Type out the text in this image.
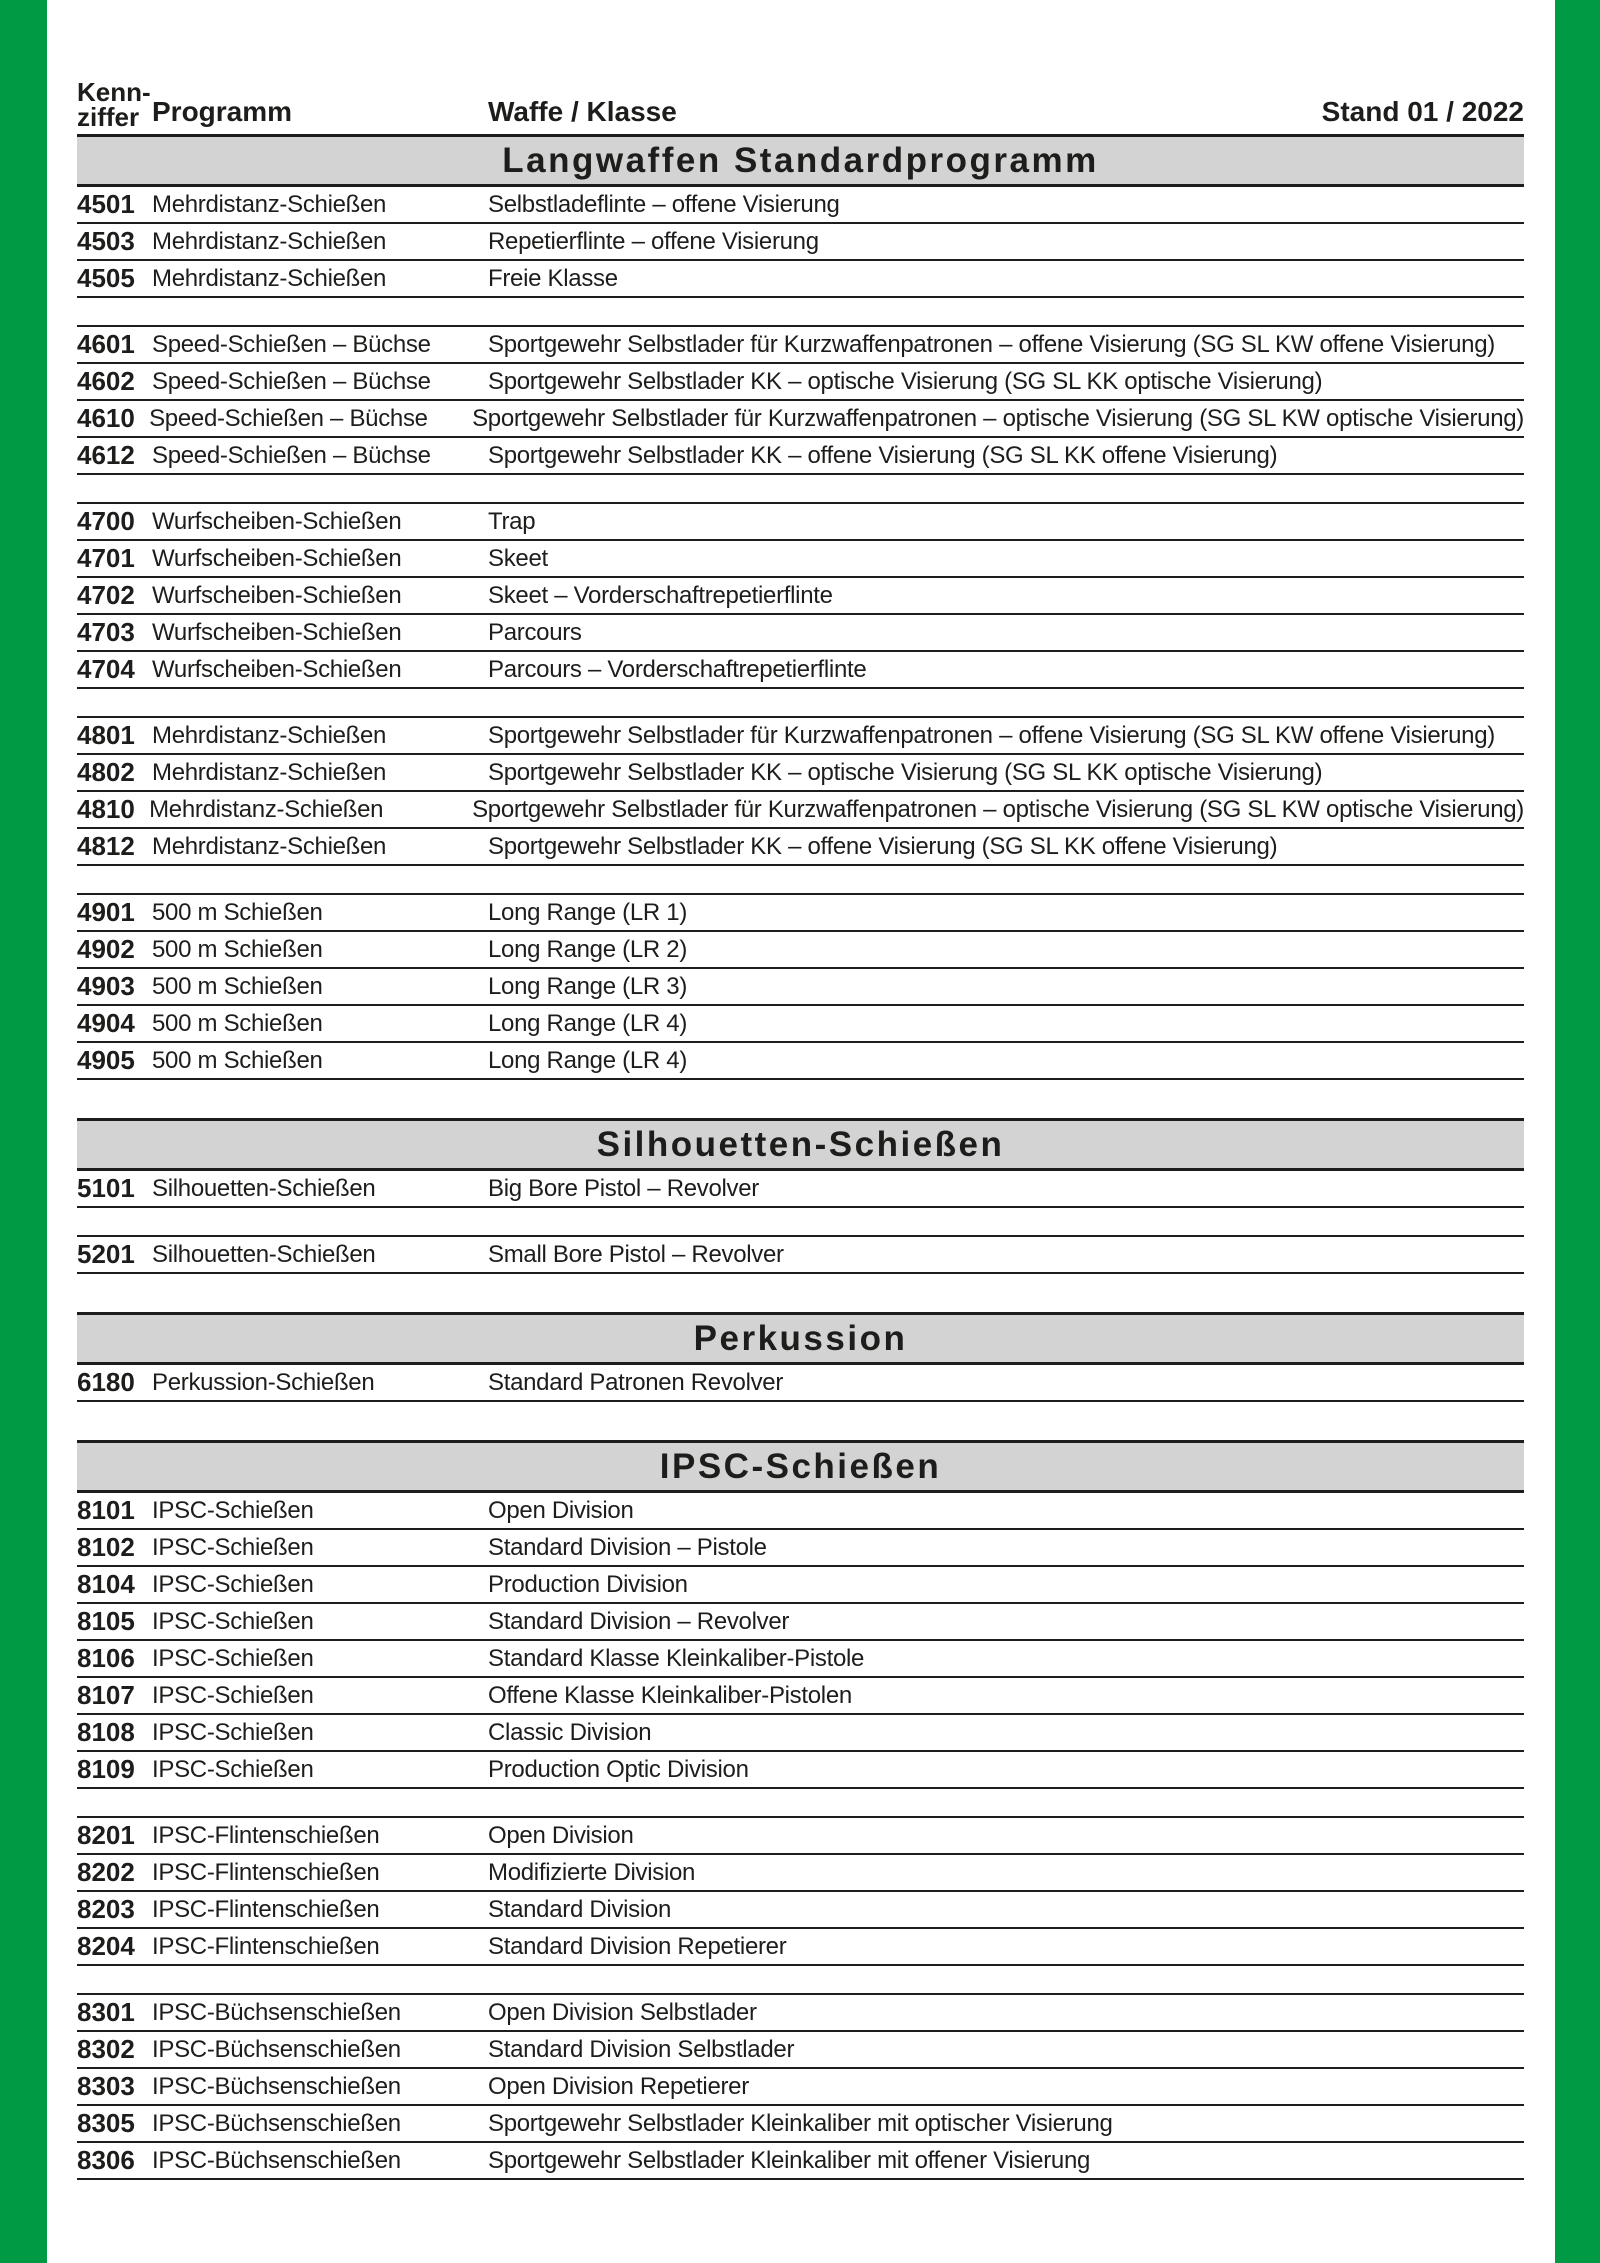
Kenn-
ziffer Programm	Waffe / Klasse	Stand 01 / 2022
Langwaffen Standardprogramm
4501 Mehrdistanz-Schießen	Selbstladeflinte – offene Visierung
4503 Mehrdistanz-Schießen	Repetierflinte – offene Visierung
4505 Mehrdistanz-Schießen	Freie Klasse
4601 Speed-Schießen – Büchse	Sportgewehr Selbstlader für Kurzwaffenpatronen – offene Visierung (SG SL KW offene Visierung)
4602 Speed-Schießen – Büchse	Sportgewehr Selbstlader KK – optische Visierung (SG SL KK optische Visierung)
4610 Speed-Schießen – Büchse	Sportgewehr Selbstlader für Kurzwaffenpatronen – optische Visierung (SG SL KW optische Visierung)
4612 Speed-Schießen – Büchse	Sportgewehr Selbstlader KK – offene Visierung (SG SL KK offene Visierung)
4700 Wurfscheiben-Schießen	Trap
4701 Wurfscheiben-Schießen	Skeet
4702 Wurfscheiben-Schießen	Skeet – Vorderschaftrepetierflinte
4703 Wurfscheiben-Schießen	Parcours
4704 Wurfscheiben-Schießen	Parcours – Vorderschaftrepetierflinte
4801 Mehrdistanz-Schießen	Sportgewehr Selbstlader für Kurzwaffenpatronen – offene Visierung (SG SL KW offene Visierung)
4802 Mehrdistanz-Schießen	Sportgewehr Selbstlader KK – optische Visierung (SG SL KK optische Visierung)
4810 Mehrdistanz-Schießen	Sportgewehr Selbstlader für Kurzwaffenpatronen – optische Visierung (SG SL KW optische Visierung)
4812 Mehrdistanz-Schießen	Sportgewehr Selbstlader KK – offene Visierung (SG SL KK offene Visierung)
4901 500 m Schießen	Long Range (LR 1)
4902 500 m Schießen	Long Range (LR 2)
4903 500 m Schießen	Long Range (LR 3)
4904 500 m Schießen	Long Range (LR 4)
4905 500 m Schießen	Long Range (LR 4)
Silhouetten-Schießen
5101 Silhouetten-Schießen	Big Bore Pistol – Revolver
5201 Silhouetten-Schießen	Small Bore Pistol – Revolver
Perkussion
6180 Perkussion-Schießen	Standard Patronen Revolver
IPSC-Schießen
8101 IPSC-Schießen	Open Division
8102 IPSC-Schießen	Standard Division – Pistole
8104 IPSC-Schießen	Production Division
8105 IPSC-Schießen	Standard Division – Revolver
8106 IPSC-Schießen	Standard Klasse Kleinkaliber-Pistole
8107 IPSC-Schießen	Offene Klasse Kleinkaliber-Pistolen
8108 IPSC-Schießen	Classic Division
8109 IPSC-Schießen	Production Optic Division
8201 IPSC-Flintenschießen	Open Division
8202 IPSC-Flintenschießen	Modifizierte Division
8203 IPSC-Flintenschießen	Standard Division
8204 IPSC-Flintenschießen	Standard Division Repetierer
8301 IPSC-Büchsenschießen	Open Division Selbstlader
8302 IPSC-Büchsenschießen	Standard Division Selbstlader
8303 IPSC-Büchsenschießen	Open Division Repetierer
8305 IPSC-Büchsenschießen	Sportgewehr Selbstlader Kleinkaliber mit optischer Visierung
8306 IPSC-Büchsenschießen	Sportgewehr Selbstlader Kleinkaliber mit offener Visierung
